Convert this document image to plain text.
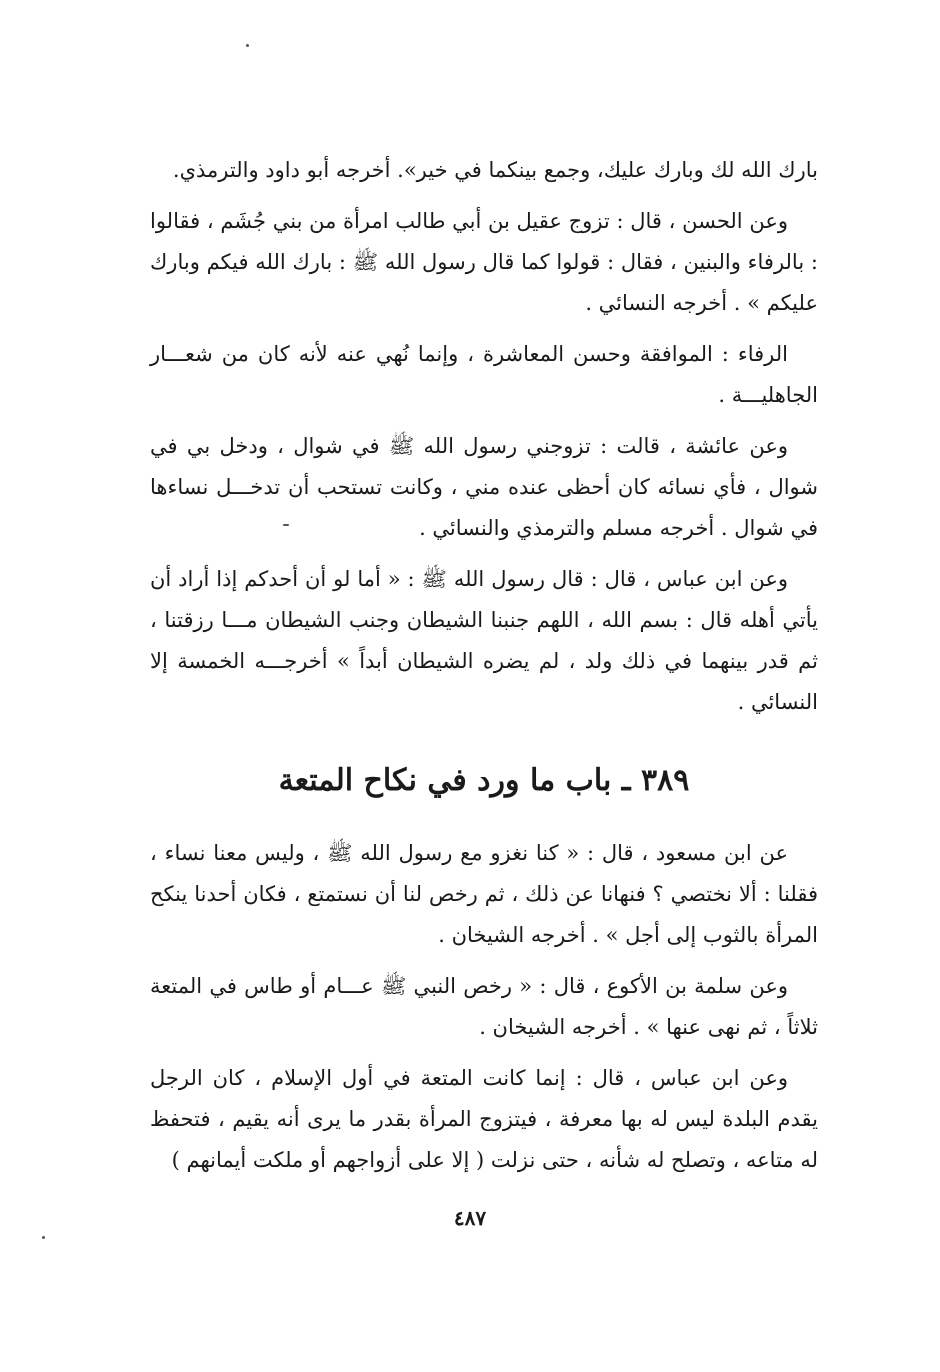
بارك الله لك وبارك عليك، وجمع بينكما في خير». أخرجه أبو داود والترمذي.

وعن الحسن ، قال : تزوج عقيل بن أبي طالب امرأة من بني جُشَم ، فقالوا : بالرفاء والبنين ، فقال : قولوا كما قال رسول الله ﷺ : بارك الله فيكم وبارك عليكم » . أخرجه النسائي .

الرفاء : الموافقة وحسن المعاشرة ، وإنما نُهي عنه لأنه كان من شعـــار الجاهليـــة .

وعن عائشة ، قالت : تزوجني رسول الله ﷺ في شوال ، ودخل بي في شوال ، فأي نسائه كان أحظى عنده مني ، وكانت تستحب أن تدخـــل نساءها في شوال . أخرجه مسلم والترمذي والنسائي .

وعن ابن عباس ، قال : قال رسول الله ﷺ : « أما لو أن أحدكم إذا أراد أن يأتي أهله قال : بسم الله ، اللهم جنبنا الشيطان وجنب الشيطان مـــا رزقتنا ، ثم قدر بينهما في ذلك ولد ، لم يضره الشيطان أبداً » أخرجـــه الخمسة إلا النسائي .

٣٨٩ ـ باب ما ورد في نكاح المتعة

عن ابن مسعود ، قال : « كنا نغزو مع رسول الله ﷺ ، وليس معنا نساء ، فقلنا : ألا نختصي ؟ فنهانا عن ذلك ، ثم رخص لنا أن نستمتع ، فكان أحدنا ينكح المرأة بالثوب إلى أجل » . أخرجه الشيخان .

وعن سلمة بن الأكوع ، قال : « رخص النبي ﷺ عـــام أو طاس في المتعة ثلاثاً ، ثم نهى عنها » . أخرجه الشيخان .

وعن ابن عباس ، قال : إنما كانت المتعة في أول الإسلام ، كان الرجل يقدم البلدة ليس له بها معرفة ، فيتزوج المرأة بقدر ما يرى أنه يقيم ، فتحفظ له متاعه ، وتصلح له شأنه ، حتى نزلت ( إلا على أزواجهم أو ملكت أيمانهم )

٤٨٧
